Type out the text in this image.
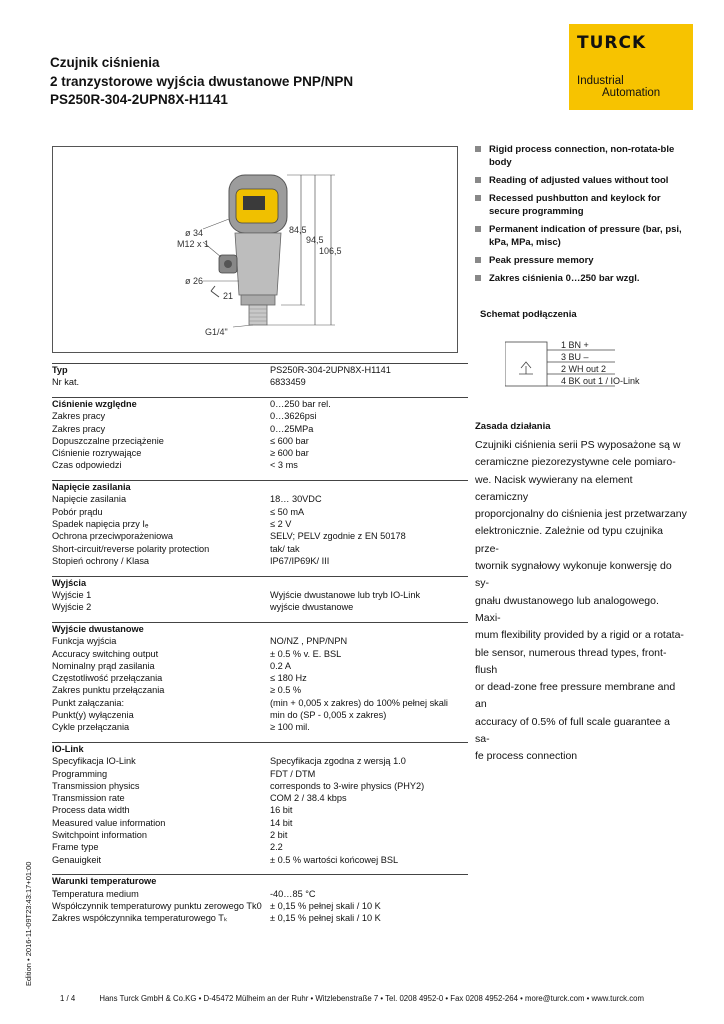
Czujnik ciśnienia
2 tranzystorowe wyjścia dwustanowe PNP/NPN
PS250R-304-2UPN8X-H1141
TURCK
Industrial
Automation
ø 34
M12 x 1
ø 26
21
G1/4"
84,5
94,5
106,5
Rigid process connection, non-rotata-ble body
Reading of adjusted values without tool
Recessed pushbutton and keylock for secure programming
Permanent indication of pressure (bar, psi, kPa, MPa, misc)
Peak pressure memory
Zakres ciśnienia 0…250 bar wzgl.
Schemat podłączenia
1 BN +
3 BU –
2 WH out 2
4 BK out 1 / IO-Link
Zasada działania
Czujniki ciśnienia serii PS wyposażone są w
ceramiczne piezorezystywne cele pomiaro-
we. Nacisk wywierany na element ceramiczny
proporcjonalny do ciśnienia jest przetwarzany
elektronicznie. Zależnie od typu czujnika prze-
twornik sygnałowy wykonuje konwersję do sy-
gnału dwustanowego lub analogowego. Maxi-
mum flexibility provided by a rigid or a rotata-
ble sensor, numerous thread types, front-flush
or dead-zone free pressure membrane and an
accuracy of 0.5% of full scale guarantee a sa-
fe process connection
Typ	PS250R-304-2UPN8X-H1141
Nr kat.	6833459
Ciśnienie względne	0…250 bar rel.
Zakres pracy	0…3626psi
Zakres pracy	0…25MPa
Dopuszczalne przeciążenie	≤ 600 bar
Ciśnienie rozrywające	≥ 600 bar
Czas odpowiedzi	< 3 ms
Napięcie zasilania
Napięcie zasilania	18… 30VDC
Pobór prądu	≤ 50 mA
Spadek napięcia przy Iₑ	≤ 2 V
Ochrona przeciwporażeniowa	SELV; PELV zgodnie z EN 50178
Short-circuit/reverse polarity protection	tak/ tak
Stopień ochrony / Klasa	IP67/IP69K/ III
Wyjścia
Wyjście 1	Wyjście dwustanowe lub tryb IO-Link
Wyjście 2	wyjście dwustanowe
Wyjście dwustanowe
Funkcja wyjścia	NO/NZ , PNP/NPN
Accuracy switching output	± 0.5 % v. E. BSL
Nominalny prąd zasilania	0.2 A
Częstotliwość przełączania	≤ 180 Hz
Zakres punktu przełączania	≥ 0.5 %
Punkt załączania:	(min + 0,005 x zakres) do 100% pełnej skali
Punkt(y) wyłączenia	min do (SP - 0,005 x zakres)
Cykle przełączania	≥ 100 mil.
IO-Link
Specyfikacja IO-Link	Specyfikacja zgodna z wersją 1.0
Programming	FDT / DTM
Transmission physics	corresponds to 3-wire physics (PHY2)
Transmission rate	COM 2 / 38.4 kbps
Process data width	16 bit
Measured value information	14 bit
Switchpoint information	2 bit
Frame type	2.2
Genauigkeit	± 0.5 % wartości końcowej BSL
Warunki temperaturowe
Temperatura medium	-40…85 °C
Współczynnik temperaturowy punktu zerowego Tk0 ± 0,15 % pełnej skali / 10 K
Zakres współczynnika temperaturowego Tₖ	± 0,15 % pełnej skali / 10 K
Edition • 2016-11-09T23:43:17+01:00
1 / 4	Hans Turck GmbH & Co.KG • D-45472 Mülheim an der Ruhr • Witzlebenstraße 7 • Tel. 0208 4952-0 • Fax 0208 4952-264 • more@turck.com • www.turck.com
